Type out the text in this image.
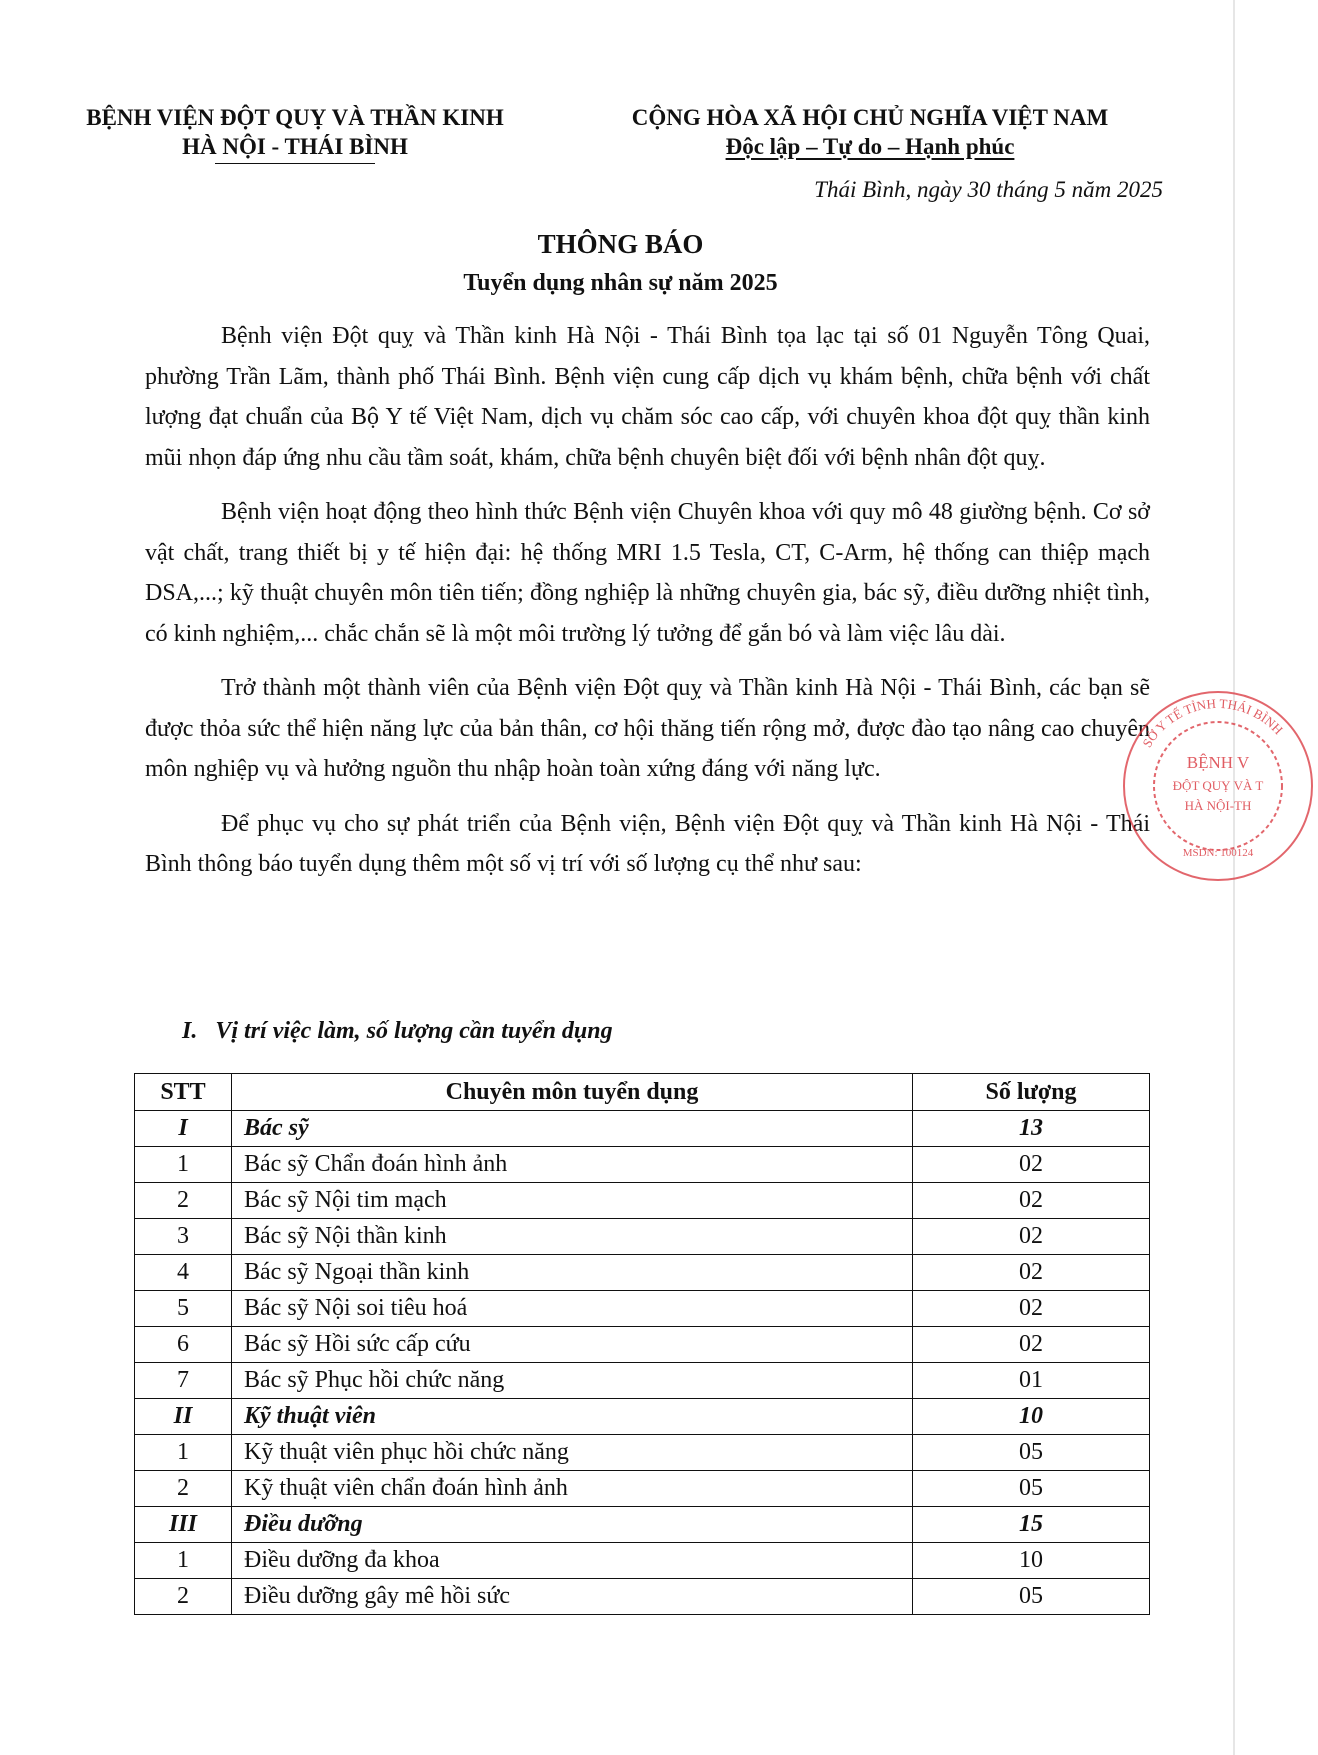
BỆNH VIỆN ĐỘT QUỴ VÀ THẦN KINH
HÀ NỘI - THÁI BÌNH
CỘNG HÒA XÃ HỘI CHỦ NGHĨA VIỆT NAM
Độc lập – Tự do – Hạnh phúc
Thái Bình, ngày 30 tháng 5 năm 2025
THÔNG BÁO
Tuyển dụng nhân sự năm 2025

Bệnh viện Đột quỵ và Thần kinh Hà Nội - Thái Bình tọa lạc tại số 01 Nguyễn Tông Quai, phường Trần Lãm, thành phố Thái Bình. Bệnh viện cung cấp dịch vụ khám bệnh, chữa bệnh với chất lượng đạt chuẩn của Bộ Y tế Việt Nam, dịch vụ chăm sóc cao cấp, với chuyên khoa đột quỵ thần kinh mũi nhọn đáp ứng nhu cầu tầm soát, khám, chữa bệnh chuyên biệt đối với bệnh nhân đột quỵ.

Bệnh viện hoạt động theo hình thức Bệnh viện Chuyên khoa với quy mô 48 giường bệnh. Cơ sở vật chất, trang thiết bị y tế hiện đại: hệ thống MRI 1.5 Tesla, CT, C-Arm, hệ thống can thiệp mạch DSA,...; kỹ thuật chuyên môn tiên tiến; đồng nghiệp là những chuyên gia, bác sỹ, điều dưỡng nhiệt tình, có kinh nghiệm,... chắc chắn sẽ là một môi trường lý tưởng để gắn bó và làm việc lâu dài.

Trở thành một thành viên của Bệnh viện Đột quỵ và Thần kinh Hà Nội - Thái Bình, các bạn sẽ được thỏa sức thể hiện năng lực của bản thân, cơ hội thăng tiến rộng mở, được đào tạo nâng cao chuyên môn nghiệp vụ và hưởng nguồn thu nhập hoàn toàn xứng đáng với năng lực.

Để phục vụ cho sự phát triển của Bệnh viện, Bệnh viện Đột quỵ và Thần kinh Hà Nội - Thái Bình thông báo tuyển dụng thêm một số vị trí với số lượng cụ thể như sau:

I.   Vị trí việc làm, số lượng cần tuyển dụng
STT	Chuyên môn tuyển dụng	Số lượng
I	Bác sỹ	13
1	Bác sỹ Chẩn đoán hình ảnh	02
2	Bác sỹ Nội tim mạch	02
3	Bác sỹ Nội thần kinh	02
4	Bác sỹ Ngoại thần kinh	02
5	Bác sỹ Nội soi tiêu hoá	02
6	Bác sỹ Hồi sức cấp cứu	02
7	Bác sỹ Phục hồi chức năng	01
II	Kỹ thuật viên	10
1	Kỹ thuật viên phục hồi chức năng	05
2	Kỹ thuật viên chẩn đoán hình ảnh	05
III	Điều dưỡng	15
1	Điều dưỡng đa khoa	10
2	Điều dưỡng gây mê hồi sức	05
SỞ Y TẾ TỈNH THÁI BÌNH
BỆNH V
ĐỘT QUỴ VÀ T
HÀ NỘI-TH
MSDN: 100124
